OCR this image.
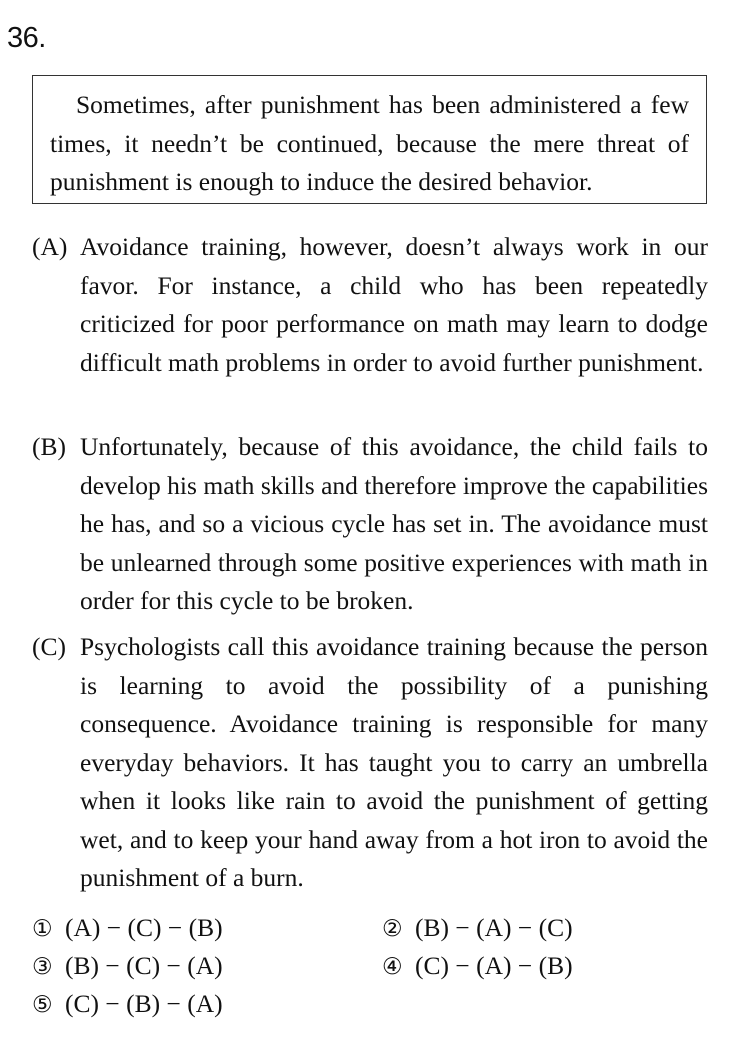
36.
Sometimes, after punishment has been administered a few times, it needn’t be continued, because the mere threat of punishment is enough to induce the desired behavior.
(A) Avoidance training, however, doesn’t always work in our favor. For instance, a child who has been repeatedly criticized for poor performance on math may learn to dodge difficult math problems in order to avoid further punishment.
(B) Unfortunately, because of this avoidance, the child fails to develop his math skills and therefore improve the capabilities he has, and so a vicious cycle has set in. The avoidance must be unlearned through some positive experiences with math in order for this cycle to be broken.
(C) Psychologists call this avoidance training because the person is learning to avoid the possibility of a punishing consequence. Avoidance training is responsible for many everyday behaviors. It has taught you to carry an umbrella when it looks like rain to avoid the punishment of getting wet, and to keep your hand away from a hot iron to avoid the punishment of a burn.
① (A) − (C) − (B)	② (B) − (A) − (C)
③ (B) − (C) − (A)	④ (C) − (A) − (B)
⑤ (C) − (B) − (A)
